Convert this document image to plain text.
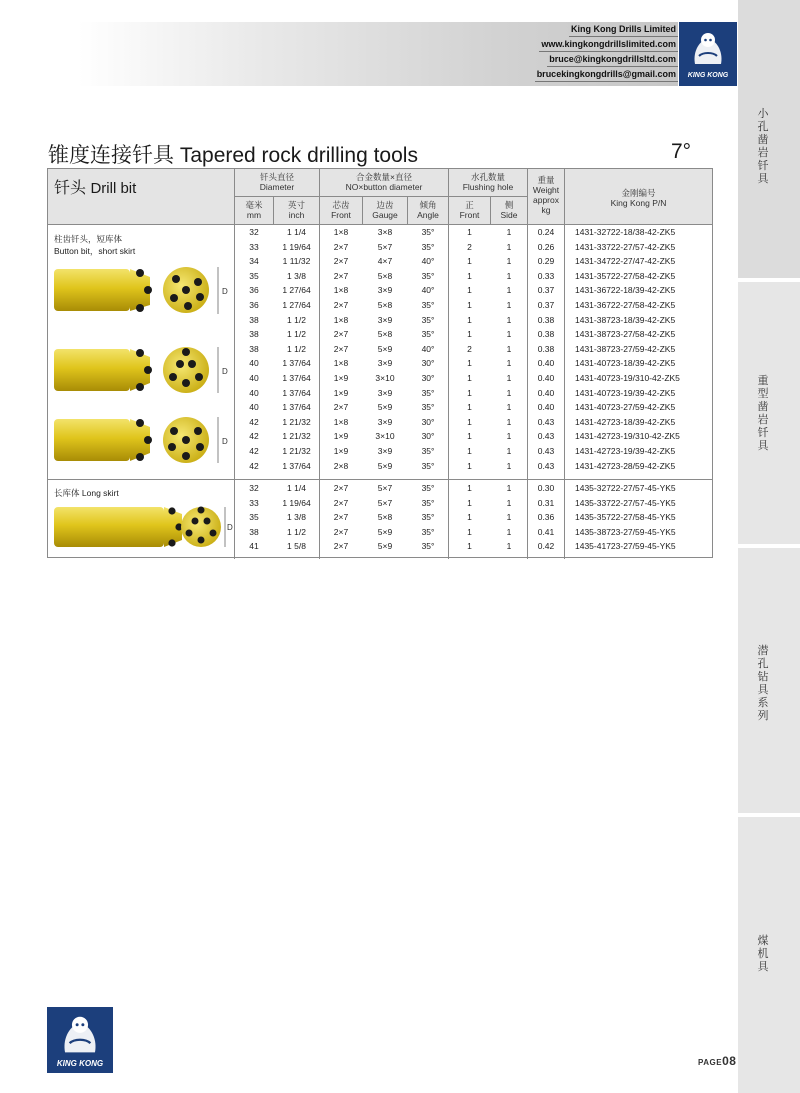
King Kong Drills Limited
www.kingkongdrillslimited.com
bruce@kingkongdrillsltd.com
brucekingkongdrills@gmail.com	KING KONG
小孔凿岩钎具
重型凿岩钎具
潜孔钻具系列
煤机具
锥度连接钎具 Tapered rock drilling tools	7°
钎头 Drill bit
钎头直径
Diameter
合金数量×直径
NO×button diameter
水孔数量
Flushing hole
重量
Weight
approx
kg
金刚编号
King Kong P/N
毫米
mm
英寸
inch
芯齿
Front
边齿
Gauge
倾角
Angle
正
Front
侧
Side
柱齿钎头，短库体
Button bit，short skirt
长库体 Long skirt
D
D
D
D
32	1 1/4	1×8	3×8	35°	1	1	0.24	1431-32722-18/38-42-ZK5
33	1 19/64	2×7	5×7	35°	2	1	0.26	1431-33722-27/57-42-ZK5
34	1 11/32	2×7	4×7	40°	1	1	0.29	1431-34722-27/47-42-ZK5
35	1 3/8	2×7	5×8	35°	1	1	0.33	1431-35722-27/58-42-ZK5
36	1 27/64	1×8	3×9	40°	1	1	0.37	1431-36722-18/39-42-ZK5
36	1 27/64	2×7	5×8	35°	1	1	0.37	1431-36722-27/58-42-ZK5
38	1 1/2	1×8	3×9	35°	1	1	0.38	1431-38723-18/39-42-ZK5
38	1 1/2	2×7	5×8	35°	1	1	0.38	1431-38723-27/58-42-ZK5
38	1 1/2	2×7	5×9	40°	2	1	0.38	1431-38723-27/59-42-ZK5
40	1 37/64	1×8	3×9	30°	1	1	0.40	1431-40723-18/39-42-ZK5
40	1 37/64	1×9	3×10	30°	1	1	0.40	1431-40723-19/310-42-ZK5
40	1 37/64	1×9	3×9	35°	1	1	0.40	1431-40723-19/39-42-ZK5
40	1 37/64	2×7	5×9	35°	1	1	0.40	1431-40723-27/59-42-ZK5
42	1 21/32	1×8	3×9	30°	1	1	0.43	1431-42723-18/39-42-ZK5
42	1 21/32	1×9	3×10	30°	1	1	0.43	1431-42723-19/310-42-ZK5
42	1 21/32	1×9	3×9	35°	1	1	0.43	1431-42723-19/39-42-ZK5
42	1 37/64	2×8	5×9	35°	1	1	0.43	1431-42723-28/59-42-ZK5
32	1 1/4	2×7	5×7	35°	1	1	0.30	1435-32722-27/57-45-YK5
33	1 19/64	2×7	5×7	35°	1	1	0.31	1435-33722-27/57-45-YK5
35	1 3/8	2×7	5×8	35°	1	1	0.36	1435-35722-27/58-45-YK5
38	1 1/2	2×7	5×9	35°	1	1	0.41	1435-38723-27/59-45-YK5
41	1 5/8	2×7	5×9	35°	1	1	0.42	1435-41723-27/59-45-YK5
KING KONG	PAGE08
